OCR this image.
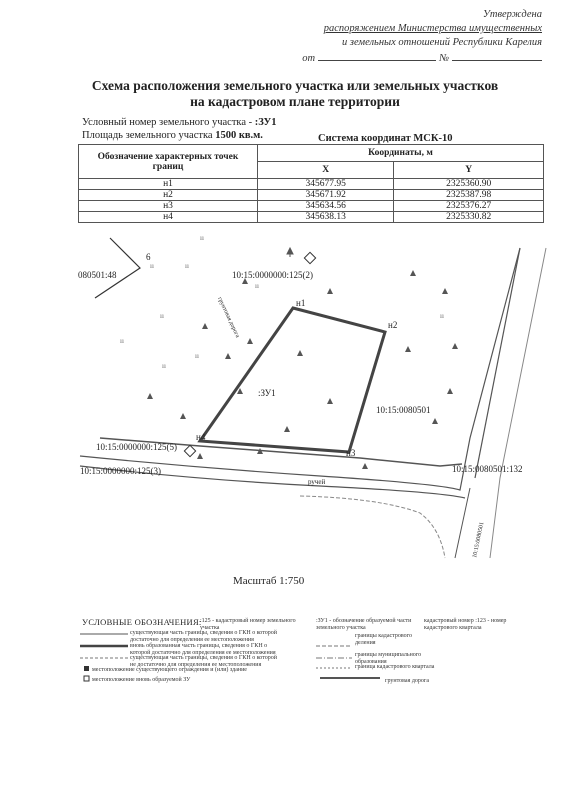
Утверждена
распоряжением Министерства имущественных
и земельных отношений Республики Карелия
от	№
Схема расположения земельного участка или земельных участков
на кадастровом плане территории
Условный номер земельного участка - :ЗУ1
Площадь земельного участка 1500 кв.м.	Система координат МСК-10
Обозначение характерных точек границ	Координаты, м	
	X	Y
н1	345677.95	2325360.90
н2	345671.92	2325387.98
н3	345634.56	2325376.27
н4	345638.13	2325330.82
ıı
ıı	ıı
ıı
ıı
ıı
ıı
ıı
ıı
080501:48
6
10:15:0000000:125(2)
н1
н2
н3
н4
:ЗУ1
10:15:0080501
10:15:0000000:125(5)
10:15:0000000:125(3)	10:15:0080501:132
ручей
10:15:0080501
грунтовая дорога
Масштаб 1:750
УСЛОВНЫЕ ОБОЗНАЧЕНИЯ:
существующая часть границы, сведения о ГКН о которой достаточно для определения ее местоположения
вновь образованная часть границы, сведения о ГКН о которой достаточно для определения ее местоположения
существующая часть границы, сведения о ГКН о которой не достаточно для определения ее местоположения
местоположение существующего ограждения и (или) здание
местоположение вновь образуемой ЗУ
:125 - кадастровый номер земельного участка
границы кадастрового деления
границы муниципального образования
граница кадастрового квартала
:ЗУ1 - обозначение образуемой части земельного участка
кадастровый номер :123 - номер кадастрового квартала
грунтовая дорога
